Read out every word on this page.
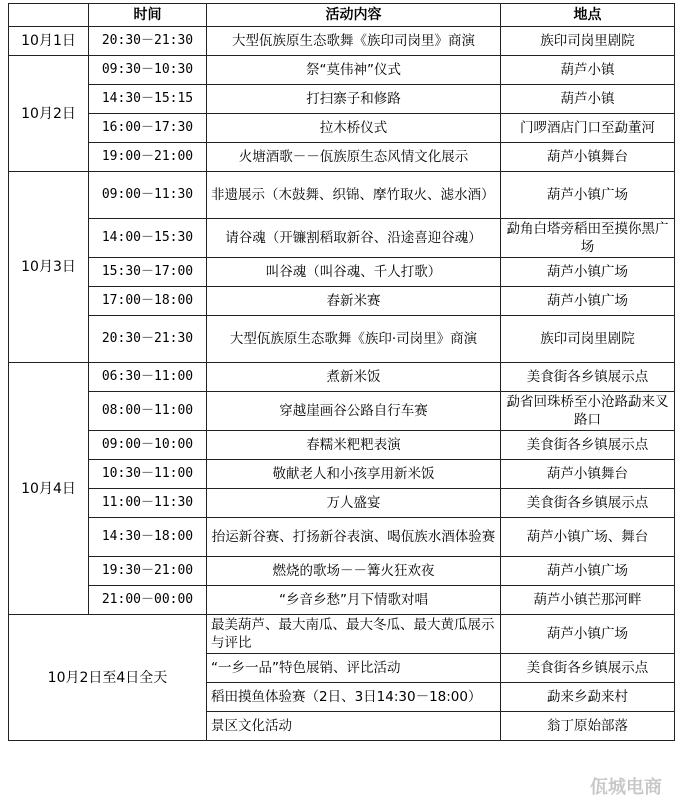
	时间	活动内容	地点
10月1日	20:30－21:30	大型佤族原生态歌舞《族印司岗里》商演	族印司岗里剧院
10月2日	09:30－10:30	祭“莫伟神”仪式	葫芦小镇
	14:30－15:15	打扫寨子和修路	葫芦小镇
	16:00－17:30	拉木桥仪式	门啰酒店门口至勐董河
	19:00－21:00	火塘酒歌－－佤族原生态风情文化展示	葫芦小镇舞台
10月3日	09:00－11:30	非遗展示（木鼓舞、织锦、摩竹取火、滤水酒）	葫芦小镇广场
	14:00－15:30	请谷魂（开镰割稻取新谷、沿途喜迎谷魂）	勐角白塔旁稻田至摸你黑广场
	15:30－17:00	叫谷魂（叫谷魂、千人打歌）	葫芦小镇广场
	17:00－18:00	舂新米赛	葫芦小镇广场
	20:30－21:30	大型佤族原生态歌舞《族印·司岗里》商演	族印司岗里剧院
10月4日	06:30－11:00	煮新米饭	美食街各乡镇展示点
	08:00－11:00	穿越崖画谷公路自行车赛	勐省回珠桥至小沧路勐来叉路口
	09:00－10:00	春糯米粑粑表演	美食街各乡镇展示点
	10:30－11:00	敬献老人和小孩享用新米饭	葫芦小镇舞台
	11:00－11:30	万人盛宴	美食街各乡镇展示点
	14:30－18:00	抬运新谷赛、打扬新谷表演、喝佤族水酒体验赛	葫芦小镇广场、舞台
	19:30－21:00	燃烧的歌场－－篝火狂欢夜	葫芦小镇广场
	21:00－00:00	“乡音乡愁”月下情歌对唱	葫芦小镇芒那河畔
10月2日至4日全天		最美葫芦、最大南瓜、最大冬瓜、最大黄瓜展示与评比	葫芦小镇广场
		“一乡一品”特色展销、评比活动	美食街各乡镇展示点
		稻田摸鱼体验赛（2日、3日14:30－18:00）	勐来乡勐来村
		景区文化活动	翁丁原始部落
佤城电商
